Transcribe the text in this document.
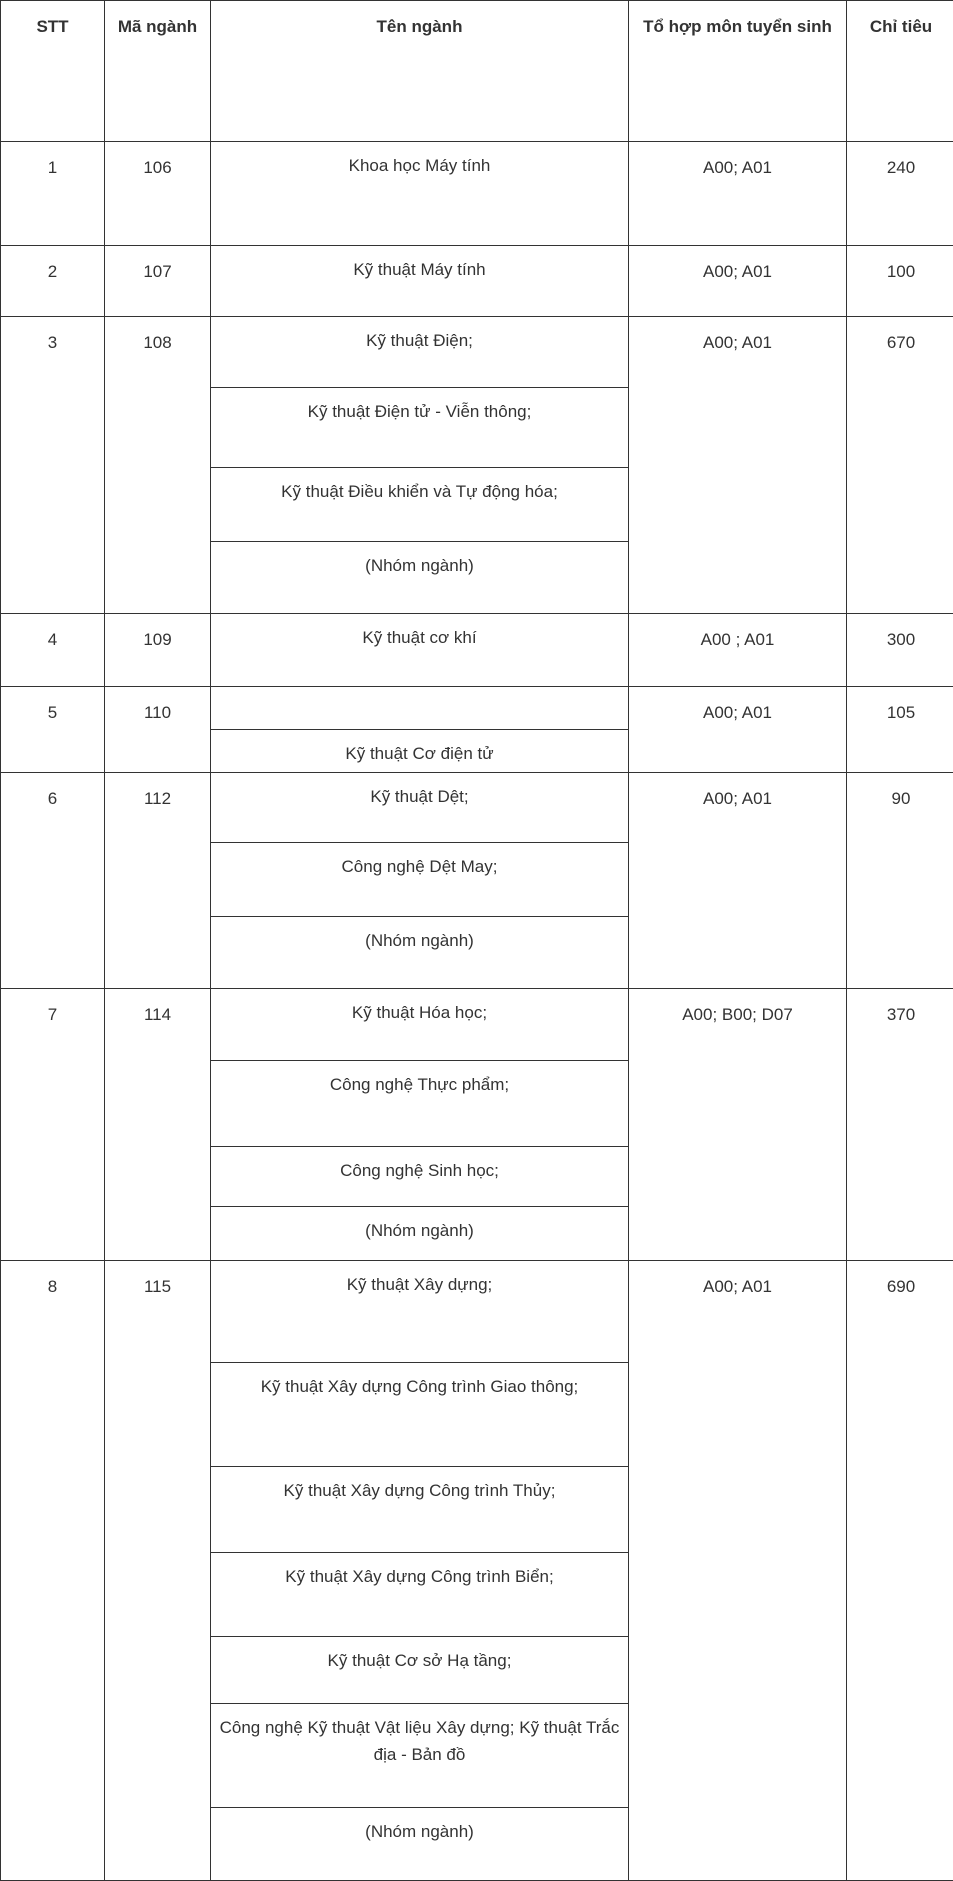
STT	Mã ngành	Tên ngành	Tổ hợp môn tuyển sinh	Chỉ tiêu
1	106	Khoa học Máy tính	A00; A01	240
2	107	Kỹ thuật Máy tính	A00; A01	100
3	108	Kỹ thuật Điện;	A00; A01	670
		Kỹ thuật Điện tử - Viễn thông;		
		Kỹ thuật Điều khiển và Tự động hóa;		
		(Nhóm ngành)		
4	109	Kỹ thuật cơ khí	A00 ; A01	300
5	110		A00; A01	105
		Kỹ thuật Cơ điện tử		
6	112	Kỹ thuật Dệt;	A00; A01	90
		Công nghệ Dệt May;		
		(Nhóm ngành)		
7	114	Kỹ thuật Hóa học;	A00; B00; D07	370
		Công nghệ Thực phẩm;		
		Công nghệ Sinh học;		
		(Nhóm ngành)		
8	115	Kỹ thuật Xây dựng;	A00; A01	690
		Kỹ thuật Xây dựng Công trình Giao thông;		
		Kỹ thuật Xây dựng Công trình Thủy;		
		Kỹ thuật Xây dựng Công trình Biển;		
		Kỹ thuật Cơ sở Hạ tầng;		
		Công nghệ Kỹ thuật Vật liệu Xây dựng; Kỹ thuật Trắc địa - Bản đồ		
		(Nhóm ngành)		
